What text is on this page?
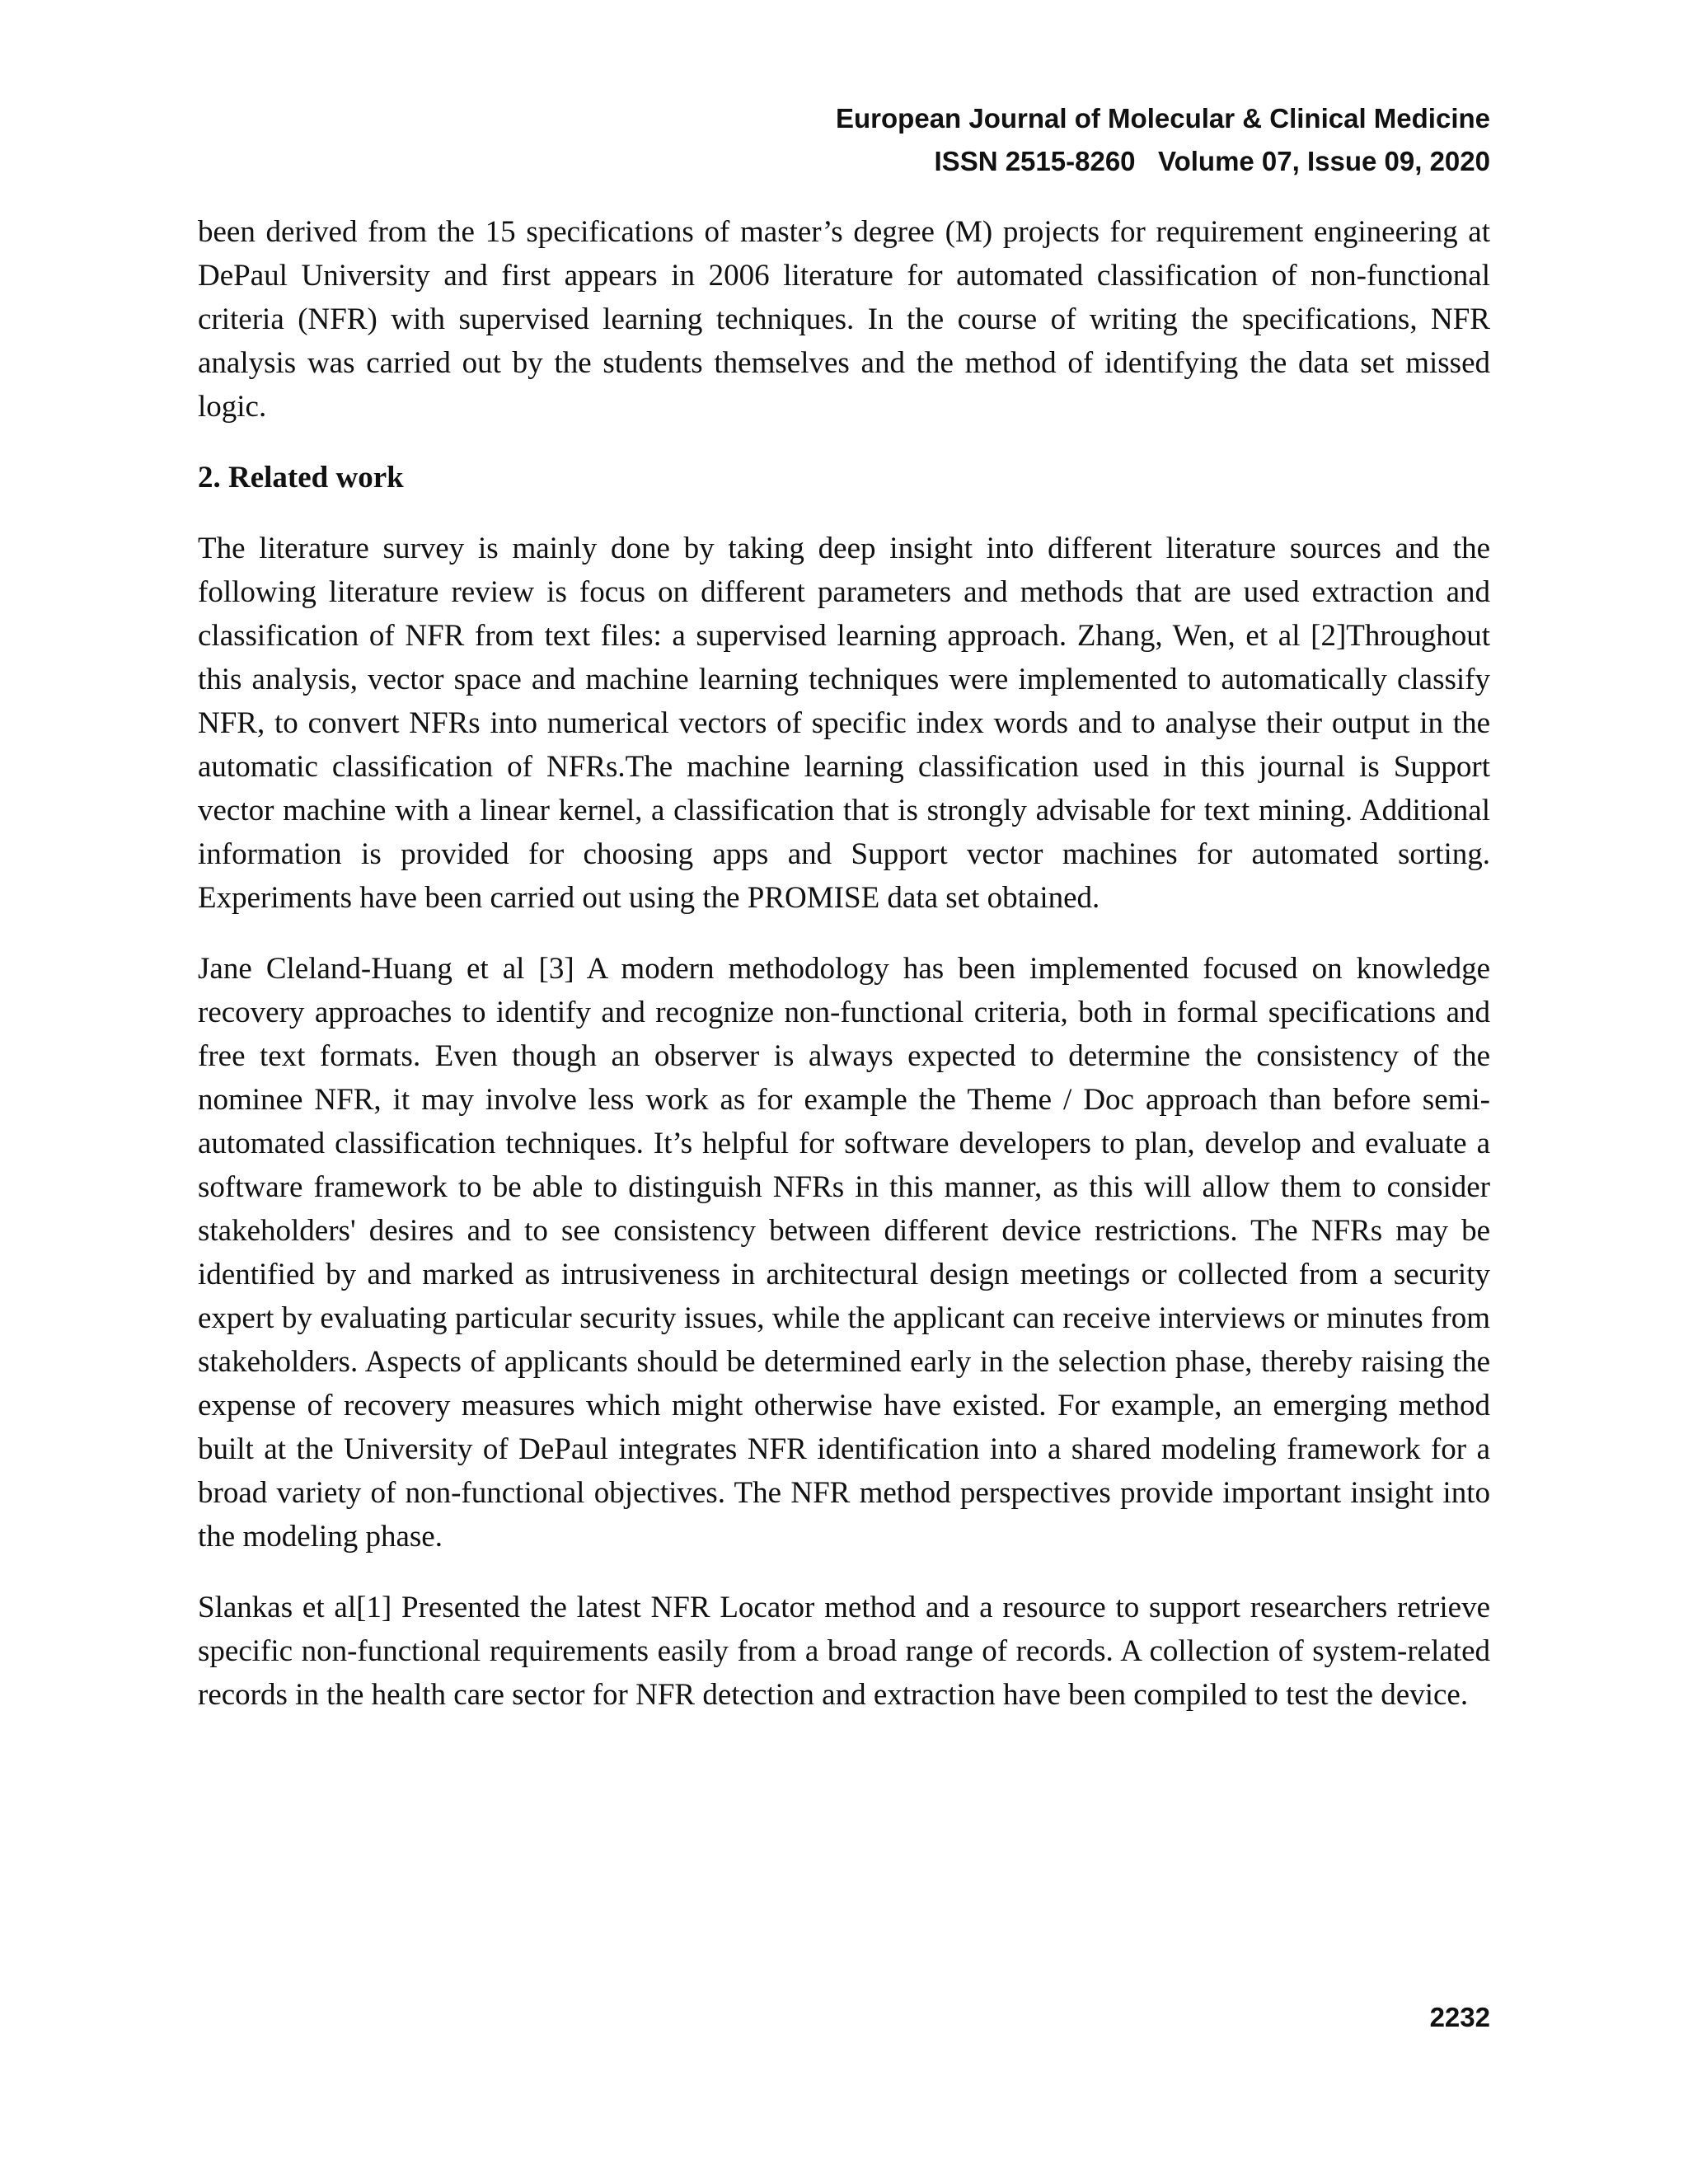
European Journal of Molecular & Clinical Medicine
ISSN 2515-8260   Volume 07, Issue 09, 2020

been derived from the 15 specifications of master’s degree (M) projects for requirement engineering at DePaul University and first appears in 2006 literature for automated classification of non-functional criteria (NFR) with supervised learning techniques. In the course of writing the specifications, NFR analysis was carried out by the students themselves and the method of identifying the data set missed logic.

2. Related work

The literature survey is mainly done by taking deep insight into different literature sources and the following literature review is focus on different parameters and methods that are used extraction and classification of NFR from text files: a supervised learning approach. Zhang, Wen, et al [2]Throughout this analysis, vector space and machine learning techniques were implemented to automatically classify NFR, to convert NFRs into numerical vectors of specific index words and to analyse their output in the automatic classification of NFRs.The machine learning classification used in this journal is Support vector machine with a linear kernel, a classification that is strongly advisable for text mining. Additional information is provided for choosing apps and Support vector machines for automated sorting. Experiments have been carried out using the PROMISE data set obtained.

Jane Cleland-Huang et al [3] A modern methodology has been implemented focused on knowledge recovery approaches to identify and recognize non-functional criteria, both in formal specifications and free text formats. Even though an observer is always expected to determine the consistency of the nominee NFR, it may involve less work as for example the Theme / Doc approach than before semi-automated classification techniques. It’s helpful for software developers to plan, develop and evaluate a software framework to be able to distinguish NFRs in this manner, as this will allow them to consider stakeholders' desires and to see consistency between different device restrictions. The NFRs may be identified by and marked as intrusiveness in architectural design meetings or collected from a security expert by evaluating particular security issues, while the applicant can receive interviews or minutes from stakeholders. Aspects of applicants should be determined early in the selection phase, thereby raising the expense of recovery measures which might otherwise have existed. For example, an emerging method built at the University of DePaul integrates NFR identification into a shared modeling framework for a broad variety of non-functional objectives. The NFR method perspectives provide important insight into the modeling phase.

Slankas et al[1] Presented the latest NFR Locator method and a resource to support researchers retrieve specific non-functional requirements easily from a broad range of records. A collection of system-related records in the health care sector for NFR detection and extraction have been compiled to test the device.

2232
